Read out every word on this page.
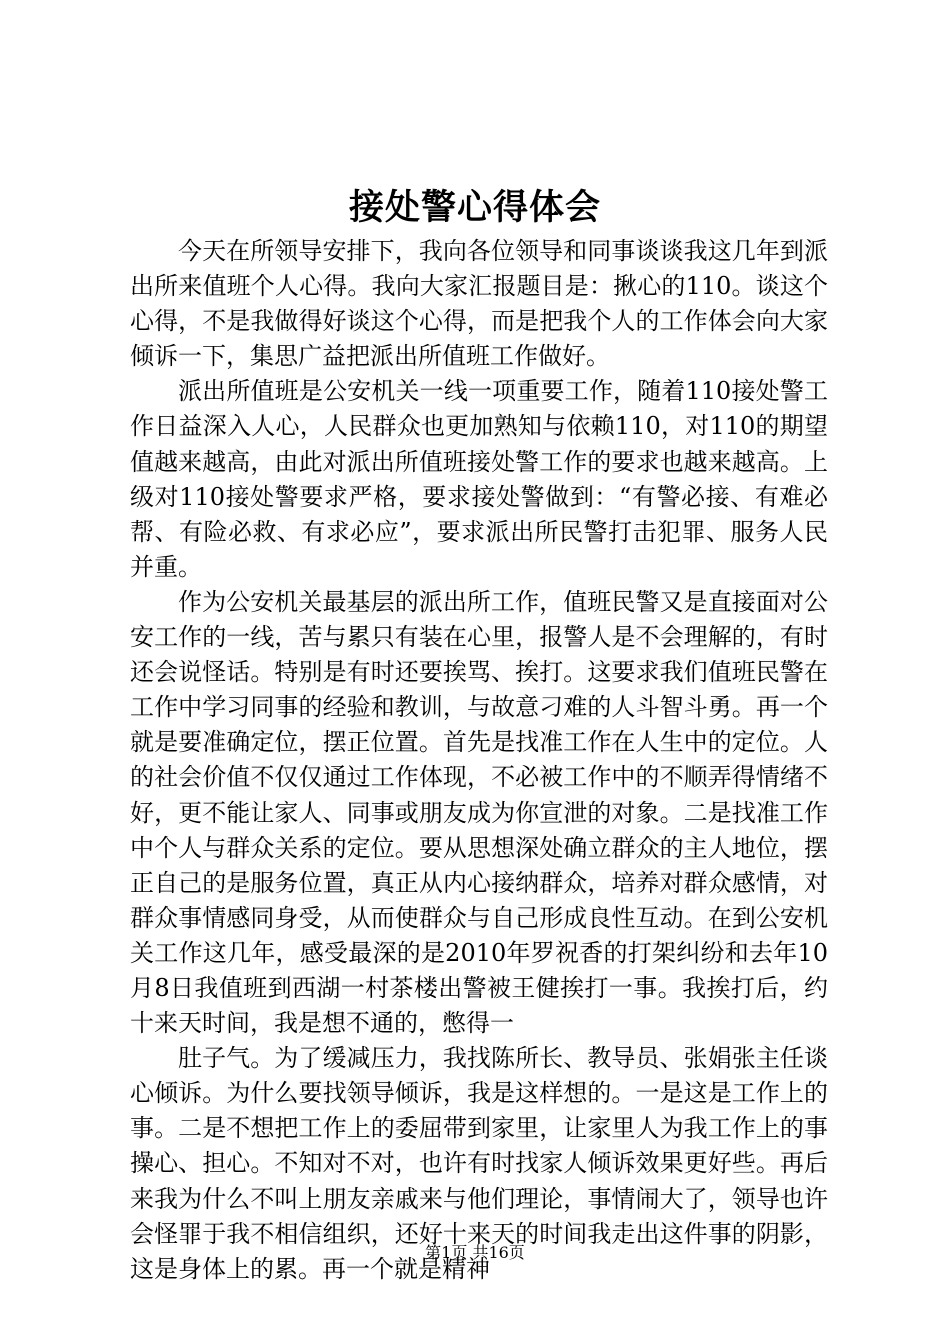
接处警心得体会

今天在所领导安排下，我向各位领导和同事谈谈我这几年到派出所来值班个人心得。我向大家汇报题目是：揪心的110。谈这个心得，不是我做得好谈这个心得，而是把我个人的工作体会向大家倾诉一下，集思广益把派出所值班工作做好。

派出所值班是公安机关一线一项重要工作，随着110接处警工作日益深入人心，人民群众也更加熟知与依赖110，对110的期望值越来越高，由此对派出所值班接处警工作的要求也越来越高。上级对110接处警要求严格，要求接处警做到：“有警必接、有难必帮、有险必救、有求必应”，要求派出所民警打击犯罪、服务人民并重。

作为公安机关最基层的派出所工作，值班民警又是直接面对公安工作的一线，苦与累只有装在心里，报警人是不会理解的，有时还会说怪话。特别是有时还要挨骂、挨打。这要求我们值班民警在工作中学习同事的经验和教训，与故意刁难的人斗智斗勇。再一个就是要准确定位，摆正位置。首先是找准工作在人生中的定位。人的社会价值不仅仅通过工作体现，不必被工作中的不顺弄得情绪不好，更不能让家人、同事或朋友成为你宣泄的对象。二是找准工作中个人与群众关系的定位。要从思想深处确立群众的主人地位，摆正自己的是服务位置，真正从内心接纳群众，培养对群众感情，对群众事情感同身受，从而使群众与自己形成良性互动。在到公安机关工作这几年，感受最深的是2010年罗祝香的打架纠纷和去年10月8日我值班到西湖一村茶楼出警被王健挨打一事。我挨打后，约十来天时间，我是想不通的，憋得一

肚子气。为了缓减压力，我找陈所长、教导员、张娟张主任谈心倾诉。为什么要找领导倾诉，我是这样想的。一是这是工作上的事。二是不想把工作上的委屈带到家里，让家里人为我工作上的事操心、担心。不知对不对，也许有时找家人倾诉效果更好些。再后来我为什么不叫上朋友亲戚来与他们理论，事情闹大了，领导也许会怪罪于我不相信组织，还好十来天的时间我走出这件事的阴影，这是身体上的累。再一个就是精神

第1页 共16页
